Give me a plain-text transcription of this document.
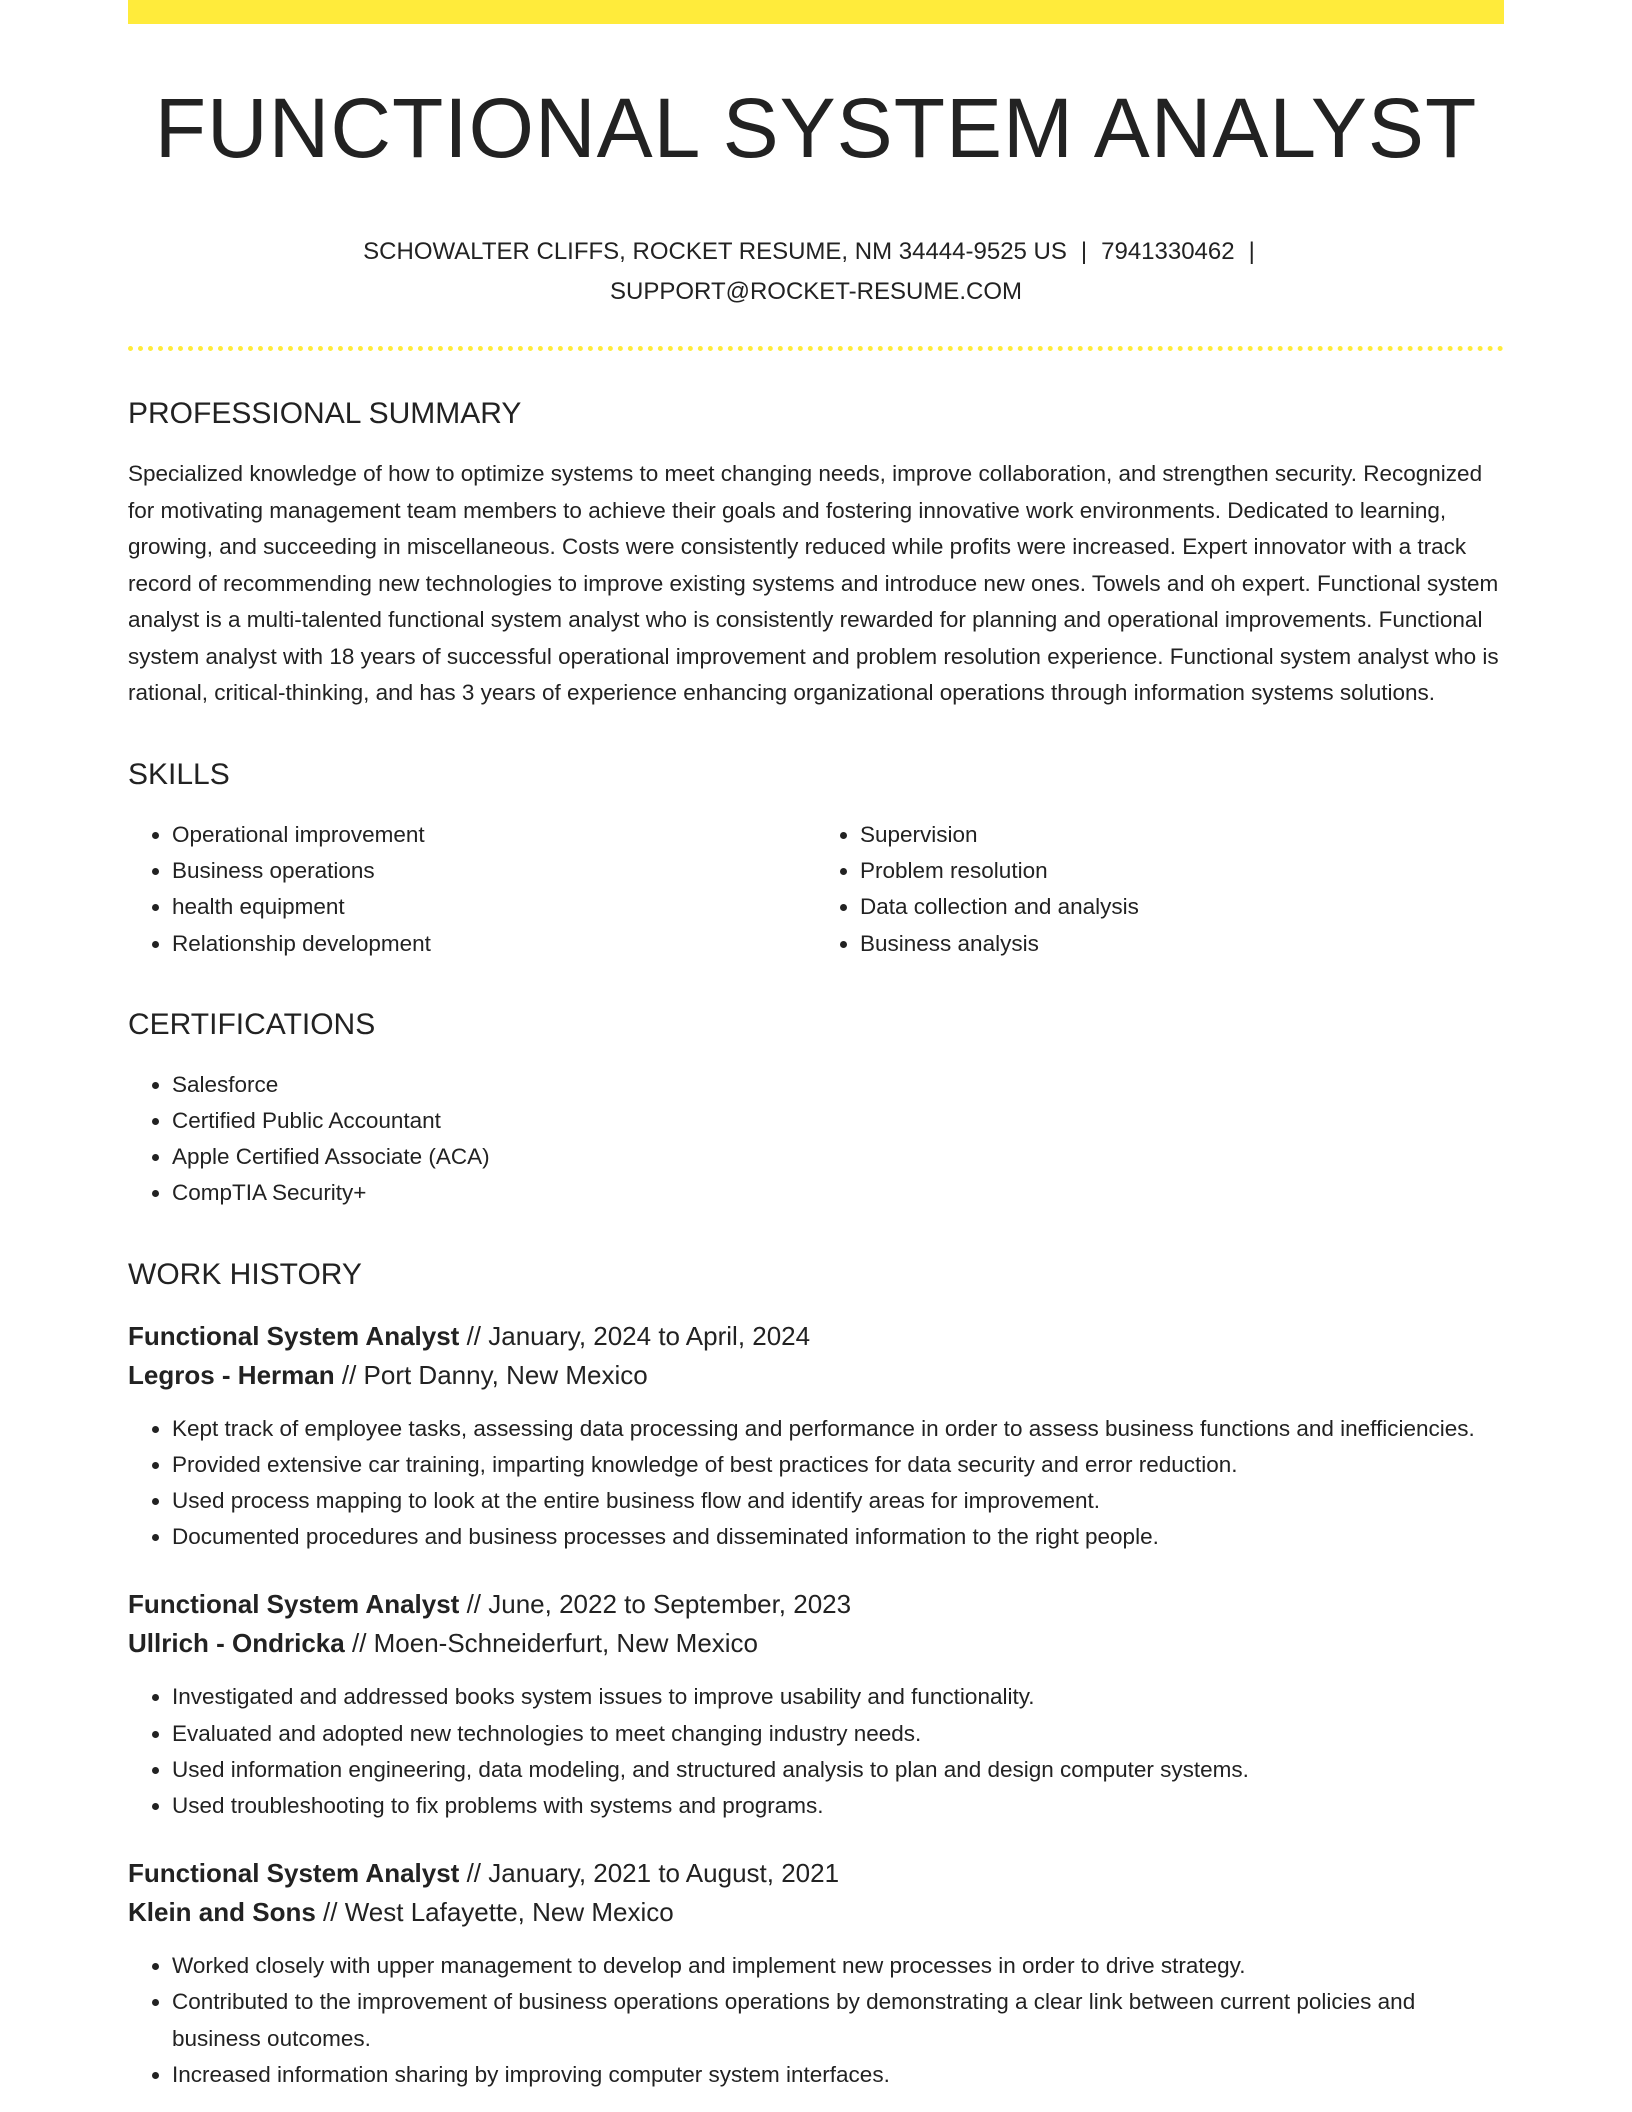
FUNCTIONAL SYSTEM ANALYST
SCHOWALTER CLIFFS, ROCKET RESUME, NM 34444-9525 US | 7941330462 |
SUPPORT@ROCKET-RESUME.COM
PROFESSIONAL SUMMARY

Specialized knowledge of how to optimize systems to meet changing needs, improve collaboration, and strengthen security. Recognized for motivating management team members to achieve their goals and fostering innovative work environments. Dedicated to learning, growing, and succeeding in miscellaneous. Costs were consistently reduced while profits were increased. Expert innovator with a track record of recommending new technologies to improve existing systems and introduce new ones. Towels and oh expert. Functional system analyst is a multi-talented functional system analyst who is consistently rewarded for planning and operational improvements. Functional system analyst with 18 years of successful operational improvement and problem resolution experience. Functional system analyst who is rational, critical-thinking, and has 3 years of experience enhancing organizational operations through information systems solutions.

SKILLS
• Operational improvement
• Business operations
• health equipment
• Relationship development
• Supervision
• Problem resolution
• Data collection and analysis
• Business analysis
CERTIFICATIONS
• Salesforce
• Certified Public Accountant
• Apple Certified Associate (ACA)
• CompTIA Security+
WORK HISTORY
Functional System Analyst // January, 2024 to April, 2024
Legros - Herman // Port Danny, New Mexico
• Kept track of employee tasks, assessing data processing and performance in order to assess business functions and inefficiencies.
• Provided extensive car training, imparting knowledge of best practices for data security and error reduction.
• Used process mapping to look at the entire business flow and identify areas for improvement.
• Documented procedures and business processes and disseminated information to the right people.
Functional System Analyst // June, 2022 to September, 2023
Ullrich - Ondricka // Moen-Schneiderfurt, New Mexico
• Investigated and addressed books system issues to improve usability and functionality.
• Evaluated and adopted new technologies to meet changing industry needs.
• Used information engineering, data modeling, and structured analysis to plan and design computer systems.
• Used troubleshooting to fix problems with systems and programs.
Functional System Analyst // January, 2021 to August, 2021
Klein and Sons // West Lafayette, New Mexico
• Worked closely with upper management to develop and implement new processes in order to drive strategy.
• Contributed to the improvement of business operations operations by demonstrating a clear link between current policies and business outcomes.
• Increased information sharing by improving computer system interfaces.
